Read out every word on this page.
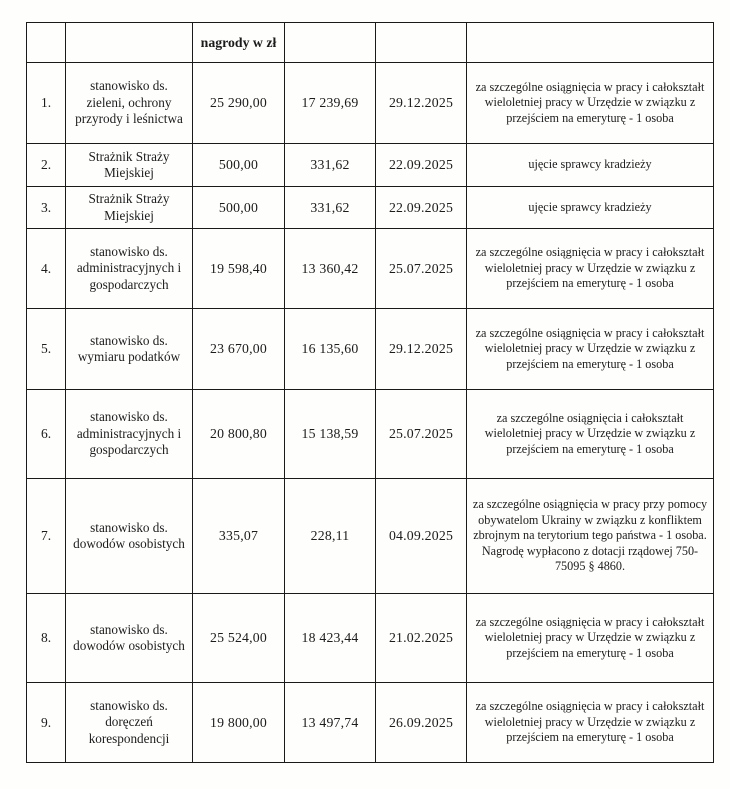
		nagrody w zł			
1.	stanowisko ds. zieleni, ochrony przyrody i leśnictwa	25 290,00	17 239,69	29.12.2025	za szczególne osiągnięcia w pracy i całokształt wieloletniej pracy w Urzędzie w związku z przejściem na emeryturę - 1 osoba
2.	Strażnik Straży Miejskiej	500,00	331,62	22.09.2025	ujęcie sprawcy kradzieży
3.	Strażnik Straży Miejskiej	500,00	331,62	22.09.2025	ujęcie sprawcy kradzieży
4.	stanowisko ds. administracyjnych i gospodarczych	19 598,40	13 360,42	25.07.2025	za szczególne osiągnięcia w pracy i całokształt wieloletniej pracy w Urzędzie w związku z przejściem na emeryturę - 1 osoba
5.	stanowisko ds. wymiaru podatków	23 670,00	16 135,60	29.12.2025	za szczególne osiągnięcia w pracy i całokształt wieloletniej pracy w Urzędzie w związku z przejściem na emeryturę - 1 osoba
6.	stanowisko ds. administracyjnych i gospodarczych	20 800,80	15 138,59	25.07.2025	za szczególne osiągnięcia i całokształt wieloletniej pracy w Urzędzie w związku z przejściem na emeryturę - 1 osoba
7.	stanowisko ds. dowodów osobistych	335,07	228,11	04.09.2025	za szczególne osiągnięcia w pracy przy pomocy obywatelom Ukrainy w związku z konfliktem zbrojnym na terytorium tego państwa - 1 osoba. Nagrodę wypłacono z dotacji rządowej 750-75095 § 4860.
8.	stanowisko ds. dowodów osobistych	25 524,00	18 423,44	21.02.2025	za szczególne osiągnięcia w pracy i całokształt wieloletniej pracy w Urzędzie w związku z przejściem na emeryturę - 1 osoba
9.	stanowisko ds. doręczeń korespondencji	19 800,00	13 497,74	26.09.2025	za szczególne osiągnięcia w pracy i całokształt wieloletniej pracy w Urzędzie w związku z przejściem na emeryturę - 1 osoba
